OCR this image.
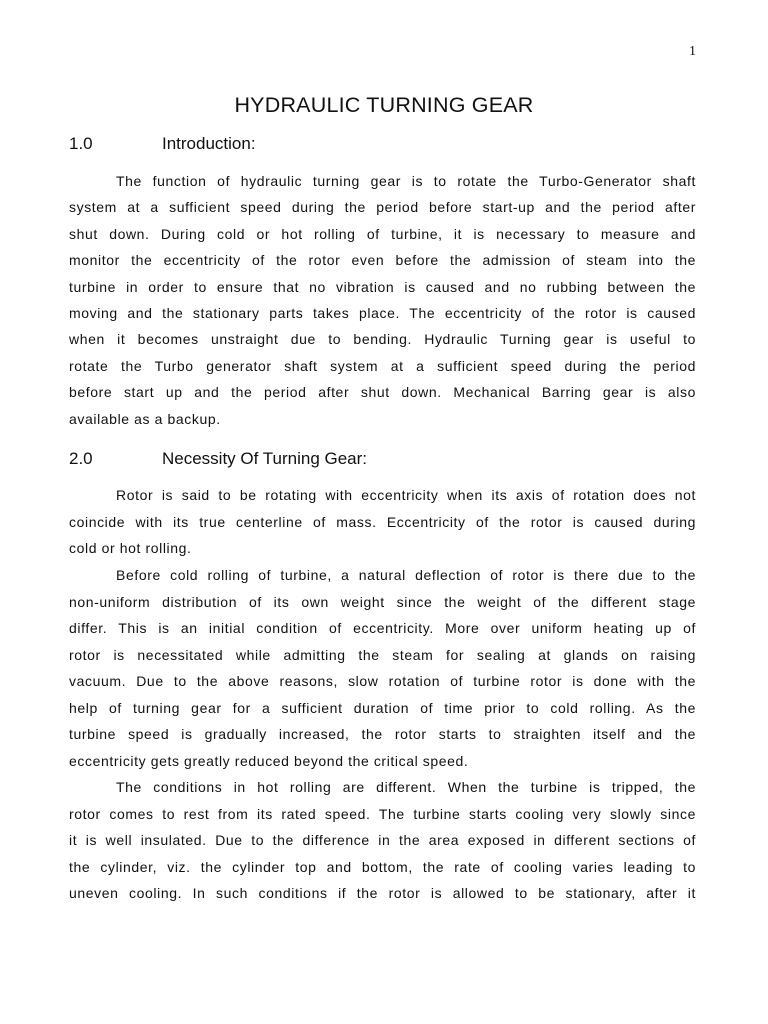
1
HYDRAULIC TURNING GEAR
1.0	Introduction:
The function of hydraulic turning gear is to rotate the Turbo-Generator shaft
system at a sufficient speed during the period before start-up and the period after
shut down. During cold or hot rolling of turbine, it is necessary to measure and
monitor the eccentricity of the rotor even before the admission of steam into the
turbine in order to ensure that no vibration is caused and no rubbing between the
moving and the stationary parts takes place. The eccentricity of the rotor is caused
when it becomes unstraight due to bending. Hydraulic Turning gear is useful to
rotate the Turbo generator shaft system at a sufficient speed during the period
before start up and the period after shut down. Mechanical Barring gear is also
available as a backup.
2.0	Necessity Of Turning Gear:
Rotor is said to be rotating with eccentricity when its axis of rotation does not
coincide with its true centerline of mass. Eccentricity of the rotor is caused during
cold or hot rolling.
Before cold rolling of turbine, a natural deflection of rotor is there due to the
non-uniform distribution of its own weight since the weight of the different stage
differ. This is an initial condition of eccentricity. More over uniform heating up of
rotor is necessitated while admitting the steam for sealing at glands on raising
vacuum. Due to the above reasons, slow rotation of turbine rotor is done with the
help of turning gear for a sufficient duration of time prior to cold rolling. As the
turbine speed is gradually increased, the rotor starts to straighten itself and the
eccentricity gets greatly reduced beyond the critical speed.
The conditions in hot rolling are different. When the turbine is tripped, the
rotor comes to rest from its rated speed. The turbine starts cooling very slowly since
it is well insulated. Due to the difference in the area exposed in different sections of
the cylinder, viz. the cylinder top and bottom, the rate of cooling varies leading to
uneven cooling. In such conditions if the rotor is allowed to be stationary, after it
